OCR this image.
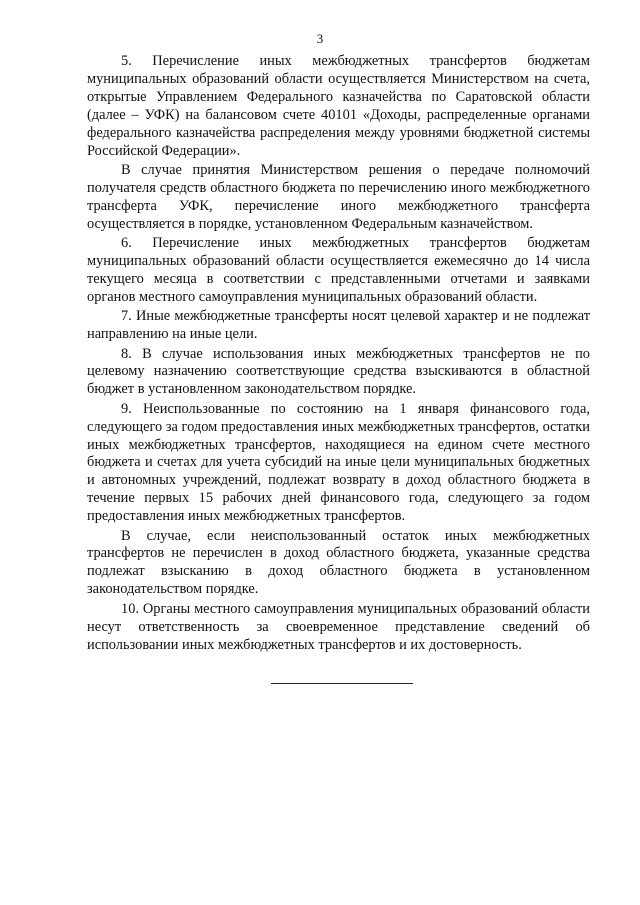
3

5. Перечисление иных межбюджетных трансфертов бюджетам муниципальных образований области осуществляется Министерством на счета, открытые Управлением Федерального казначейства по Саратовской области (далее – УФК) на балансовом счете 40101 «Доходы, распределенные органами федерального казначейства распределения между уровнями бюджетной системы Российской Федерации».

В случае принятия Министерством решения о передаче полномочий получателя средств областного бюджета по перечислению иного межбюджетного трансферта УФК, перечисление иного межбюджетного трансферта осуществляется в порядке, установленном Федеральным казначейством.

6. Перечисление иных межбюджетных трансфертов бюджетам муниципальных образований области осуществляется ежемесячно до 14 числа текущего месяца в соответствии с представленными отчетами и заявками органов местного самоуправления муниципальных образований области.

7. Иные межбюджетные трансферты носят целевой характер и не подлежат направлению на иные цели.

8. В случае использования иных межбюджетных трансфертов не по целевому назначению соответствующие средства взыскиваются в областной бюджет в установленном законодательством порядке.

9. Неиспользованные по состоянию на 1 января финансового года, следующего за годом предоставления иных межбюджетных трансфертов, остатки иных межбюджетных трансфертов, находящиеся на едином счете местного бюджета и счетах для учета субсидий на иные цели муниципальных бюджетных и автономных учреждений, подлежат возврату в доход областного бюджета в течение первых 15 рабочих дней финансового года, следующего за годом предоставления иных межбюджетных трансфертов.

В случае, если неиспользованный остаток иных межбюджетных трансфертов не перечислен в доход областного бюджета, указанные средства подлежат взысканию в доход областного бюджета в установленном законодательством порядке.

10. Органы местного самоуправления муниципальных образований области несут ответственность за своевременное представление сведений об использовании иных межбюджетных трансфертов и их достоверность.
